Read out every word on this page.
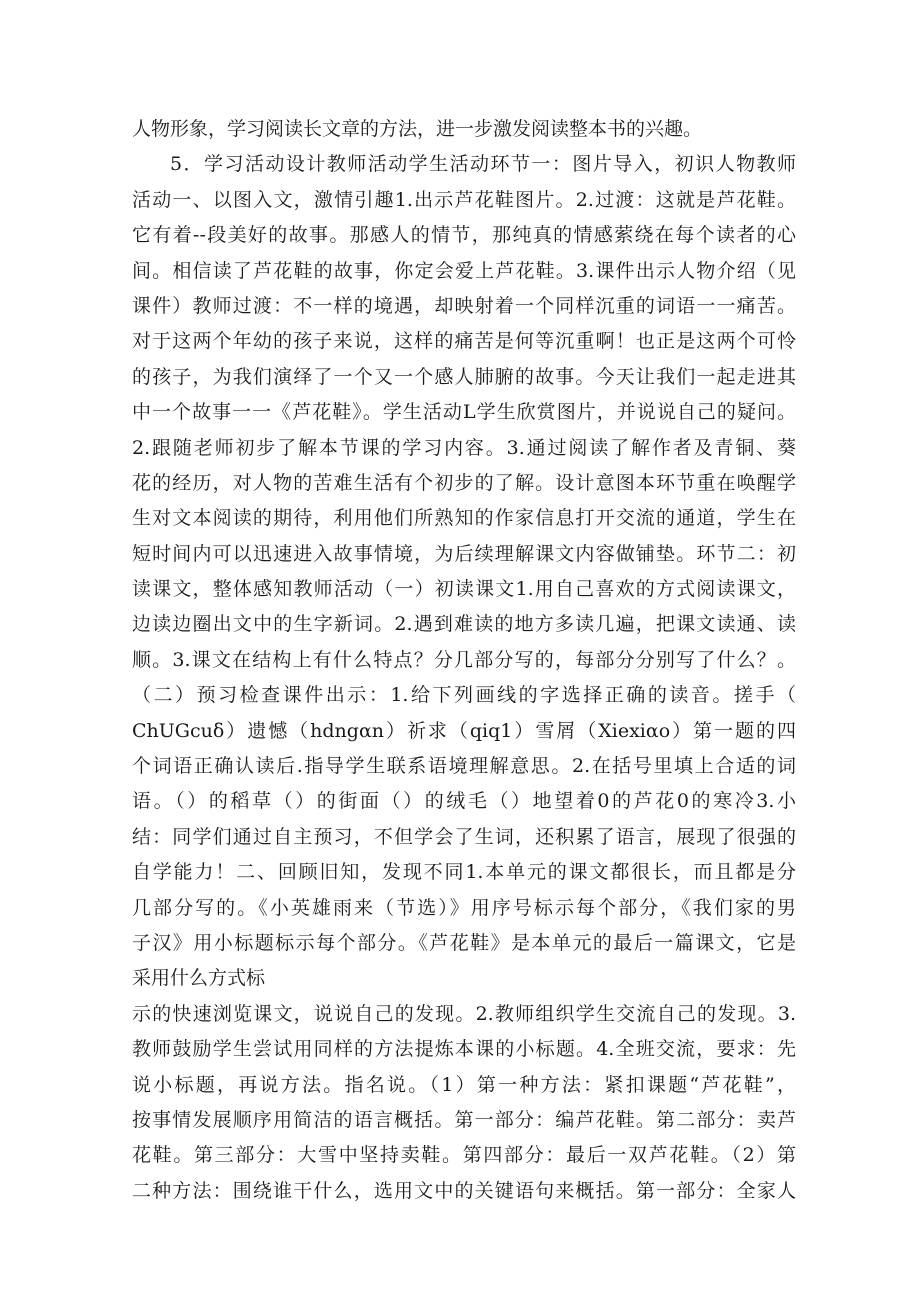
人物形象，学习阅读长文章的方法，进一步激发阅读整本书的兴趣。
5．学习活动设计教师活动学生活动环节一：图片导入，初识人物教师
活动一、以图入文，激情引趣1.出示芦花鞋图片。2.过渡：这就是芦花鞋。
它有着--段美好的故事。那感人的情节，那纯真的情感萦绕在每个读者的心
间。相信读了芦花鞋的故事，你定会爱上芦花鞋。3.课件出示人物介绍（见
课件）教师过渡：不一样的境遇，却映射着一个同样沉重的词语一一痛苦。
对于这两个年幼的孩子来说，这样的痛苦是何等沉重啊！也正是这两个可怜
的孩子，为我们演绎了一个又一个感人肺腑的故事。今天让我们一起走进其
中一个故事一一《芦花鞋》。学生活动L学生欣赏图片，并说说自己的疑问。
2.跟随老师初步了解本节课的学习内容。3.通过阅读了解作者及青铜、葵
花的经历，对人物的苦难生活有个初步的了解。设计意图本环节重在唤醒学
生对文本阅读的期待，利用他们所熟知的作家信息打开交流的通道，学生在
短时间内可以迅速进入故事情境，为后续理解课文内容做铺垫。环节二：初
读课文，整体感知教师活动（一）初读课文1.用自己喜欢的方式阅读课文，
边读边圈出文中的生字新词。2.遇到难读的地方多读几遍，把课文读通、读
顺。3.课文在结构上有什么特点？分几部分写的，每部分分别写了什么？。
（二）预习检查课件出示：1.给下列画线的字选择正确的读音。搓手（
ChUGcuδ）遗憾（hdngαn）祈求（qiq1）雪屑（Xiexiαo）第一题的四
个词语正确认读后.指导学生联系语境理解意思。2.在括号里填上合适的词
语。（）的稻草（）的街面（）的绒毛（）地望着0的芦花0的寒冷3.小
结：同学们通过自主预习，不但学会了生词，还积累了语言，展现了很强的
自学能力！二、回顾旧知，发现不同1.本单元的课文都很长，而且都是分
几部分写的。《小英雄雨来（节选）》用序号标示每个部分，《我们家的男
子汉》用小标题标示每个部分。《芦花鞋》是本单元的最后一篇课文，它是
采用什么方式标
示的快速浏览课文，说说自己的发现。2.教师组织学生交流自己的发现。3.
教师鼓励学生尝试用同样的方法提炼本课的小标题。4.全班交流，要求：先
说小标题，再说方法。指名说。（1）第一种方法：紧扣课题“芦花鞋”，
按事情发展顺序用简洁的语言概括。第一部分：编芦花鞋。第二部分：卖芦
花鞋。第三部分：大雪中坚持卖鞋。第四部分：最后一双芦花鞋。（2）第
二种方法：围绕谁干什么，选用文中的关键语句来概括。第一部分：全家人
